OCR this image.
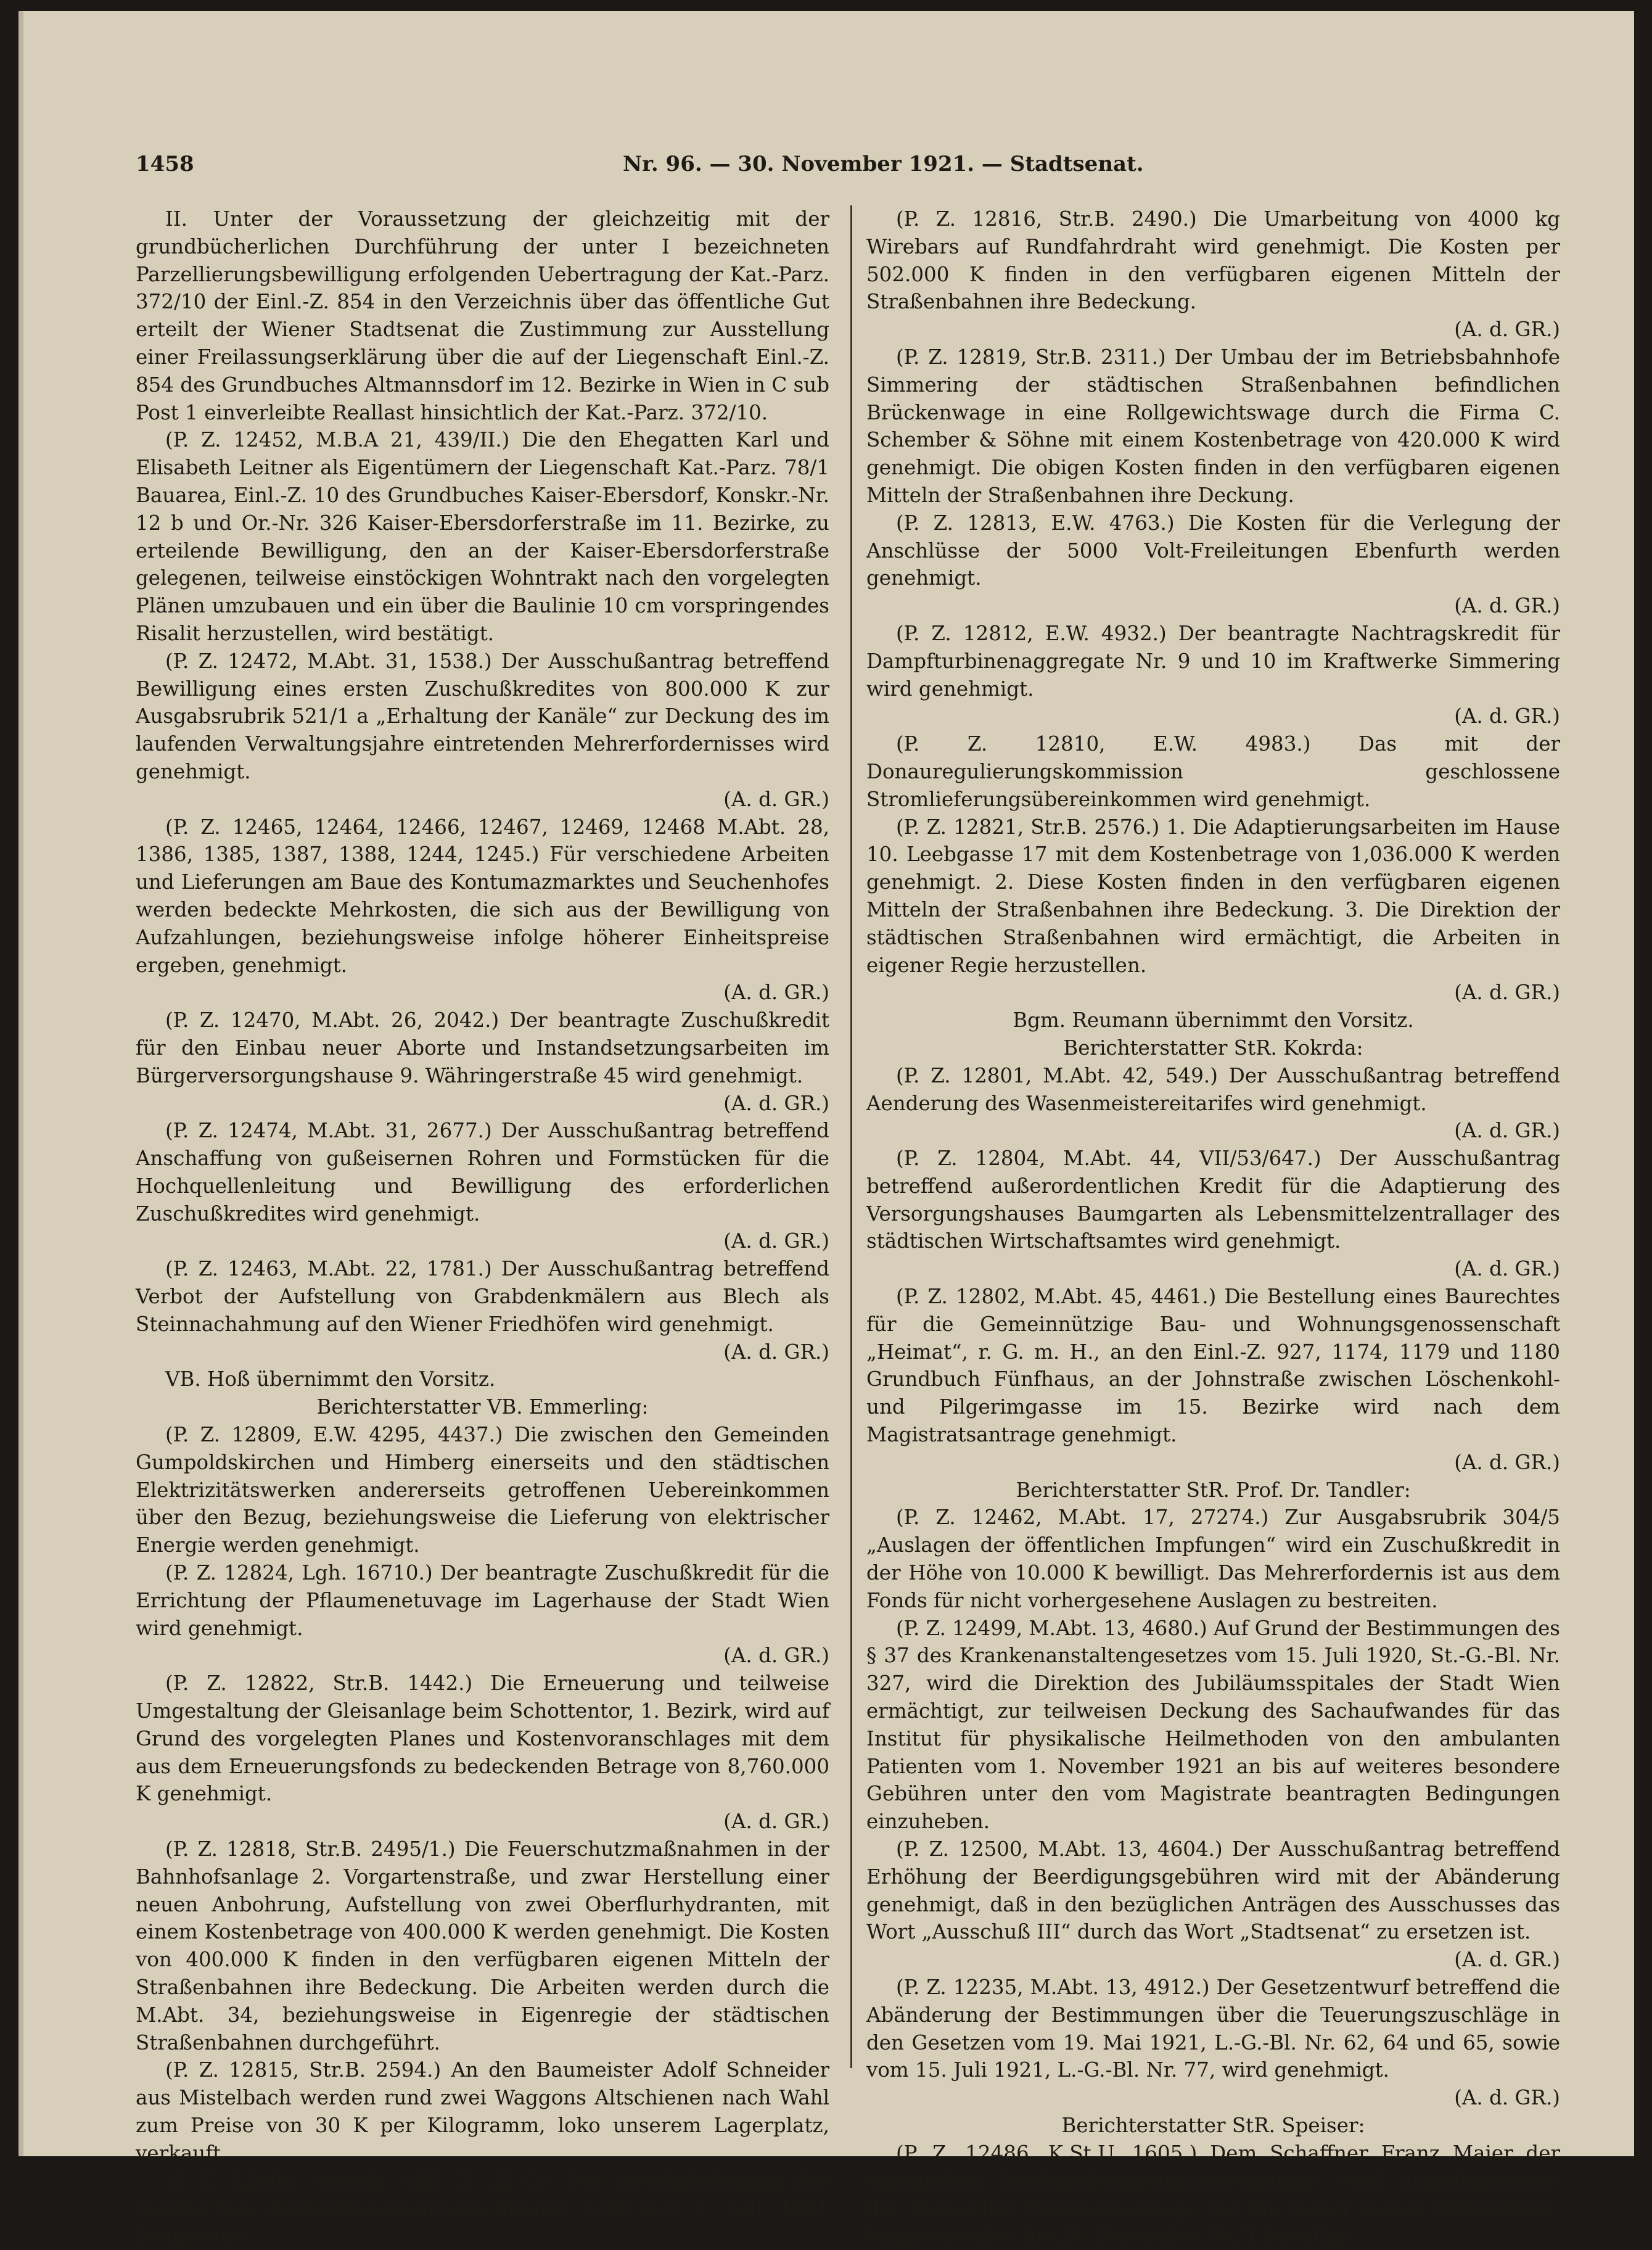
1458	Nr. 96. — 30. November 1921. — Stadtsenat.

II. Unter der Voraussetzung der gleichzeitig mit der grundbücherlichen Durchführung der unter I bezeichneten Parzellierungsbewilligung erfolgenden Uebertragung der Kat.-Parz. 372/10 der Einl.-Z. 854 in den Verzeichnis über das öffentliche Gut erteilt der Wiener Stadtsenat die Zustimmung zur Ausstellung einer Freilassungserklärung über die auf der Liegenschaft Einl.-Z. 854 des Grundbuches Altmannsdorf im 12. Bezirke in Wien in C sub Post 1 einverleibte Reallast hinsichtlich der Kat.-Parz. 372/10.

(P. Z. 12452, M.B.A 21, 439/II.) Die den Ehegatten Karl und Elisabeth Leitner als Eigentümern der Liegenschaft Kat.-Parz. 78/1 Bauarea, Einl.-Z. 10 des Grundbuches Kaiser-Ebersdorf, Konskr.-Nr. 12 b und Or.-Nr. 326 Kaiser-Ebersdorferstraße im 11. Bezirke, zu erteilende Bewilligung, den an der Kaiser-Ebersdorferstraße gelegenen, teilweise einstöckigen Wohntrakt nach den vorgelegten Plänen umzubauen und ein über die Baulinie 10 cm vorspringendes Risalit herzustellen, wird bestätigt.

(P. Z. 12472, M.Abt. 31, 1538.) Der Ausschußantrag betreffend Bewilligung eines ersten Zuschußkredites von 800.000 K zur Ausgabsrubrik 521/1 a „Erhaltung der Kanäle“ zur Deckung des im laufenden Verwaltungsjahre eintretenden Mehrerfordernisses wird genehmigt.

(A. d. GR.)

(P. Z. 12465, 12464, 12466, 12467, 12469, 12468 M.Abt. 28, 1386, 1385, 1387, 1388, 1244, 1245.) Für verschiedene Arbeiten und Lieferungen am Baue des Kontumazmarktes und Seuchenhofes werden bedeckte Mehrkosten, die sich aus der Bewilligung von Aufzahlungen, beziehungsweise infolge höherer Einheitspreise ergeben, genehmigt.

(A. d. GR.)

(P. Z. 12470, M.Abt. 26, 2042.) Der beantragte Zuschußkredit für den Einbau neuer Aborte und Instandsetzungsarbeiten im Bürgerversorgungshause 9. Währingerstraße 45 wird genehmigt.

(A. d. GR.)

(P. Z. 12474, M.Abt. 31, 2677.) Der Ausschußantrag betreffend Anschaffung von gußeisernen Rohren und Formstücken für die Hochquellenleitung und Bewilligung des erforderlichen Zuschußkredites wird genehmigt.

(A. d. GR.)

(P. Z. 12463, M.Abt. 22, 1781.) Der Ausschußantrag betreffend Verbot der Aufstellung von Grabdenkmälern aus Blech als Steinnachahmung auf den Wiener Friedhöfen wird genehmigt.

(A. d. GR.)

VB. Hoß übernimmt den Vorsitz.

Berichterstatter VB. Emmerling:

(P. Z. 12809, E.W. 4295, 4437.) Die zwischen den Gemeinden Gumpoldskirchen und Himberg einerseits und den städtischen Elektrizitätswerken andererseits getroffenen Uebereinkommen über den Bezug, beziehungsweise die Lieferung von elektrischer Energie werden genehmigt.

(P. Z. 12824, Lgh. 16710.) Der beantragte Zuschußkredit für die Errichtung der Pflaumenetuvage im Lagerhause der Stadt Wien wird genehmigt.

(A. d. GR.)

(P. Z. 12822, Str.B. 1442.) Die Erneuerung und teilweise Umgestaltung der Gleisanlage beim Schottentor, 1. Bezirk, wird auf Grund des vorgelegten Planes und Kostenvoranschlages mit dem aus dem Erneuerungsfonds zu bedeckenden Betrage von 8,760.000 K genehmigt.

(A. d. GR.)

(P. Z. 12818, Str.B. 2495/1.) Die Feuerschutzmaßnahmen in der Bahnhofsanlage 2. Vorgartenstraße, und zwar Herstellung einer neuen Anbohrung, Aufstellung von zwei Oberflurhydranten, mit einem Kostenbetrage von 400.000 K werden genehmigt. Die Kosten von 400.000 K finden in den verfügbaren eigenen Mitteln der Straßenbahnen ihre Bedeckung. Die Arbeiten werden durch die M.Abt. 34, beziehungsweise in Eigenregie der städtischen Straßenbahnen durchgeführt.

(P. Z. 12815, Str.B. 2594.) An den Baumeister Adolf Schneider aus Mistelbach werden rund zwei Waggons Altschienen nach Wahl zum Preise von 30 K per Kilogramm, loko unserem Lagerplatz, verkauft.

(P. Z. 12805, Aussch. VIII, Z. 2273.) Der Geschäftsbeginn der städtischen Ankündigungsunternehmung wird mit 1. Juli 1921 festgesetzt.

(P. Z. 12816, Str.B. 2490.) Die Umarbeitung von 4000 kg Wirebars auf Rundfahrdraht wird genehmigt. Die Kosten per 502.000 K finden in den verfügbaren eigenen Mitteln der Straßenbahnen ihre Bedeckung.

(A. d. GR.)

(P. Z. 12819, Str.B. 2311.) Der Umbau der im Betriebsbahnhofe Simmering der städtischen Straßenbahnen befindlichen Brückenwage in eine Rollgewichtswage durch die Firma C. Schember & Söhne mit einem Kostenbetrage von 420.000 K wird genehmigt. Die obigen Kosten finden in den verfügbaren eigenen Mitteln der Straßenbahnen ihre Deckung.

(P. Z. 12813, E.W. 4763.) Die Kosten für die Verlegung der Anschlüsse der 5000 Volt-Freileitungen Ebenfurth werden genehmigt.

(A. d. GR.)

(P. Z. 12812, E.W. 4932.) Der beantragte Nachtragskredit für Dampfturbinenaggregate Nr. 9 und 10 im Kraftwerke Simmering wird genehmigt.

(A. d. GR.)

(P. Z. 12810, E.W. 4983.) Das mit der Donauregulierungskommission geschlossene Stromlieferungsübereinkommen wird genehmigt.

(P. Z. 12821, Str.B. 2576.) 1. Die Adaptierungsarbeiten im Hause 10. Leebgasse 17 mit dem Kostenbetrage von 1,036.000 K werden genehmigt. 2. Diese Kosten finden in den verfügbaren eigenen Mitteln der Straßenbahnen ihre Bedeckung. 3. Die Direktion der städtischen Straßenbahnen wird ermächtigt, die Arbeiten in eigener Regie herzustellen.

(A. d. GR.)

Bgm. Reumann übernimmt den Vorsitz.

Berichterstatter StR. Kokrda:

(P. Z. 12801, M.Abt. 42, 549.) Der Ausschußantrag betreffend Aenderung des Wasenmeistereitarifes wird genehmigt.

(A. d. GR.)

(P. Z. 12804, M.Abt. 44, VII/53/647.) Der Ausschußantrag betreffend außerordentlichen Kredit für die Adaptierung des Versorgungshauses Baumgarten als Lebensmittelzentrallager des städtischen Wirtschaftsamtes wird genehmigt.

(A. d. GR.)

(P. Z. 12802, M.Abt. 45, 4461.) Die Bestellung eines Baurechtes für die Gemeinnützige Bau- und Wohnungsgenossenschaft „Heimat“, r. G. m. H., an den Einl.-Z. 927, 1174, 1179 und 1180 Grundbuch Fünfhaus, an der Johnstraße zwischen Löschenkohl- und Pilgerimgasse im 15. Bezirke wird nach dem Magistratsantrage genehmigt.

(A. d. GR.)

Berichterstatter StR. Prof. Dr. Tandler:

(P. Z. 12462, M.Abt. 17, 27274.) Zur Ausgabsrubrik 304/5 „Auslagen der öffentlichen Impfungen“ wird ein Zuschußkredit in der Höhe von 10.000 K bewilligt. Das Mehrerfordernis ist aus dem Fonds für nicht vorhergesehene Auslagen zu bestreiten.

(P. Z. 12499, M.Abt. 13, 4680.) Auf Grund der Bestimmungen des § 37 des Krankenanstaltengesetzes vom 15. Juli 1920, St.-G.-Bl. Nr. 327, wird die Direktion des Jubiläumsspitales der Stadt Wien ermächtigt, zur teilweisen Deckung des Sachaufwandes für das Institut für physikalische Heilmethoden von den ambulanten Patienten vom 1. November 1921 an bis auf weiteres besondere Gebühren unter den vom Magistrate beantragten Bedingungen einzuheben.

(P. Z. 12500, M.Abt. 13, 4604.) Der Ausschußantrag betreffend Erhöhung der Beerdigungsgebühren wird mit der Abänderung genehmigt, daß in den bezüglichen Anträgen des Ausschusses das Wort „Ausschuß III“ durch das Wort „Stadtsenat“ zu ersetzen ist.

(A. d. GR.)

(P. Z. 12235, M.Abt. 13, 4912.) Der Gesetzentwurf betreffend die Abänderung der Bestimmungen über die Teuerungszuschläge in den Gesetzen vom 19. Mai 1921, L.-G.-Bl. Nr. 62, 64 und 65, sowie vom 15. Juli 1921, L.-G.-Bl. Nr. 77, wird genehmigt.

(A. d. GR.)

Berichterstatter StR. Speiser:

(P. Z. 12486, K.St.U. 1605.) Dem Schaffner Franz Maier der städtischen Kraftstellwagenunternehmung wird ausnahmsweise der Bezug der Teuerungszulage auf die Dauer seiner Erkrankung, längstens aber bis 24. Dezember 1921 bewilligt.
